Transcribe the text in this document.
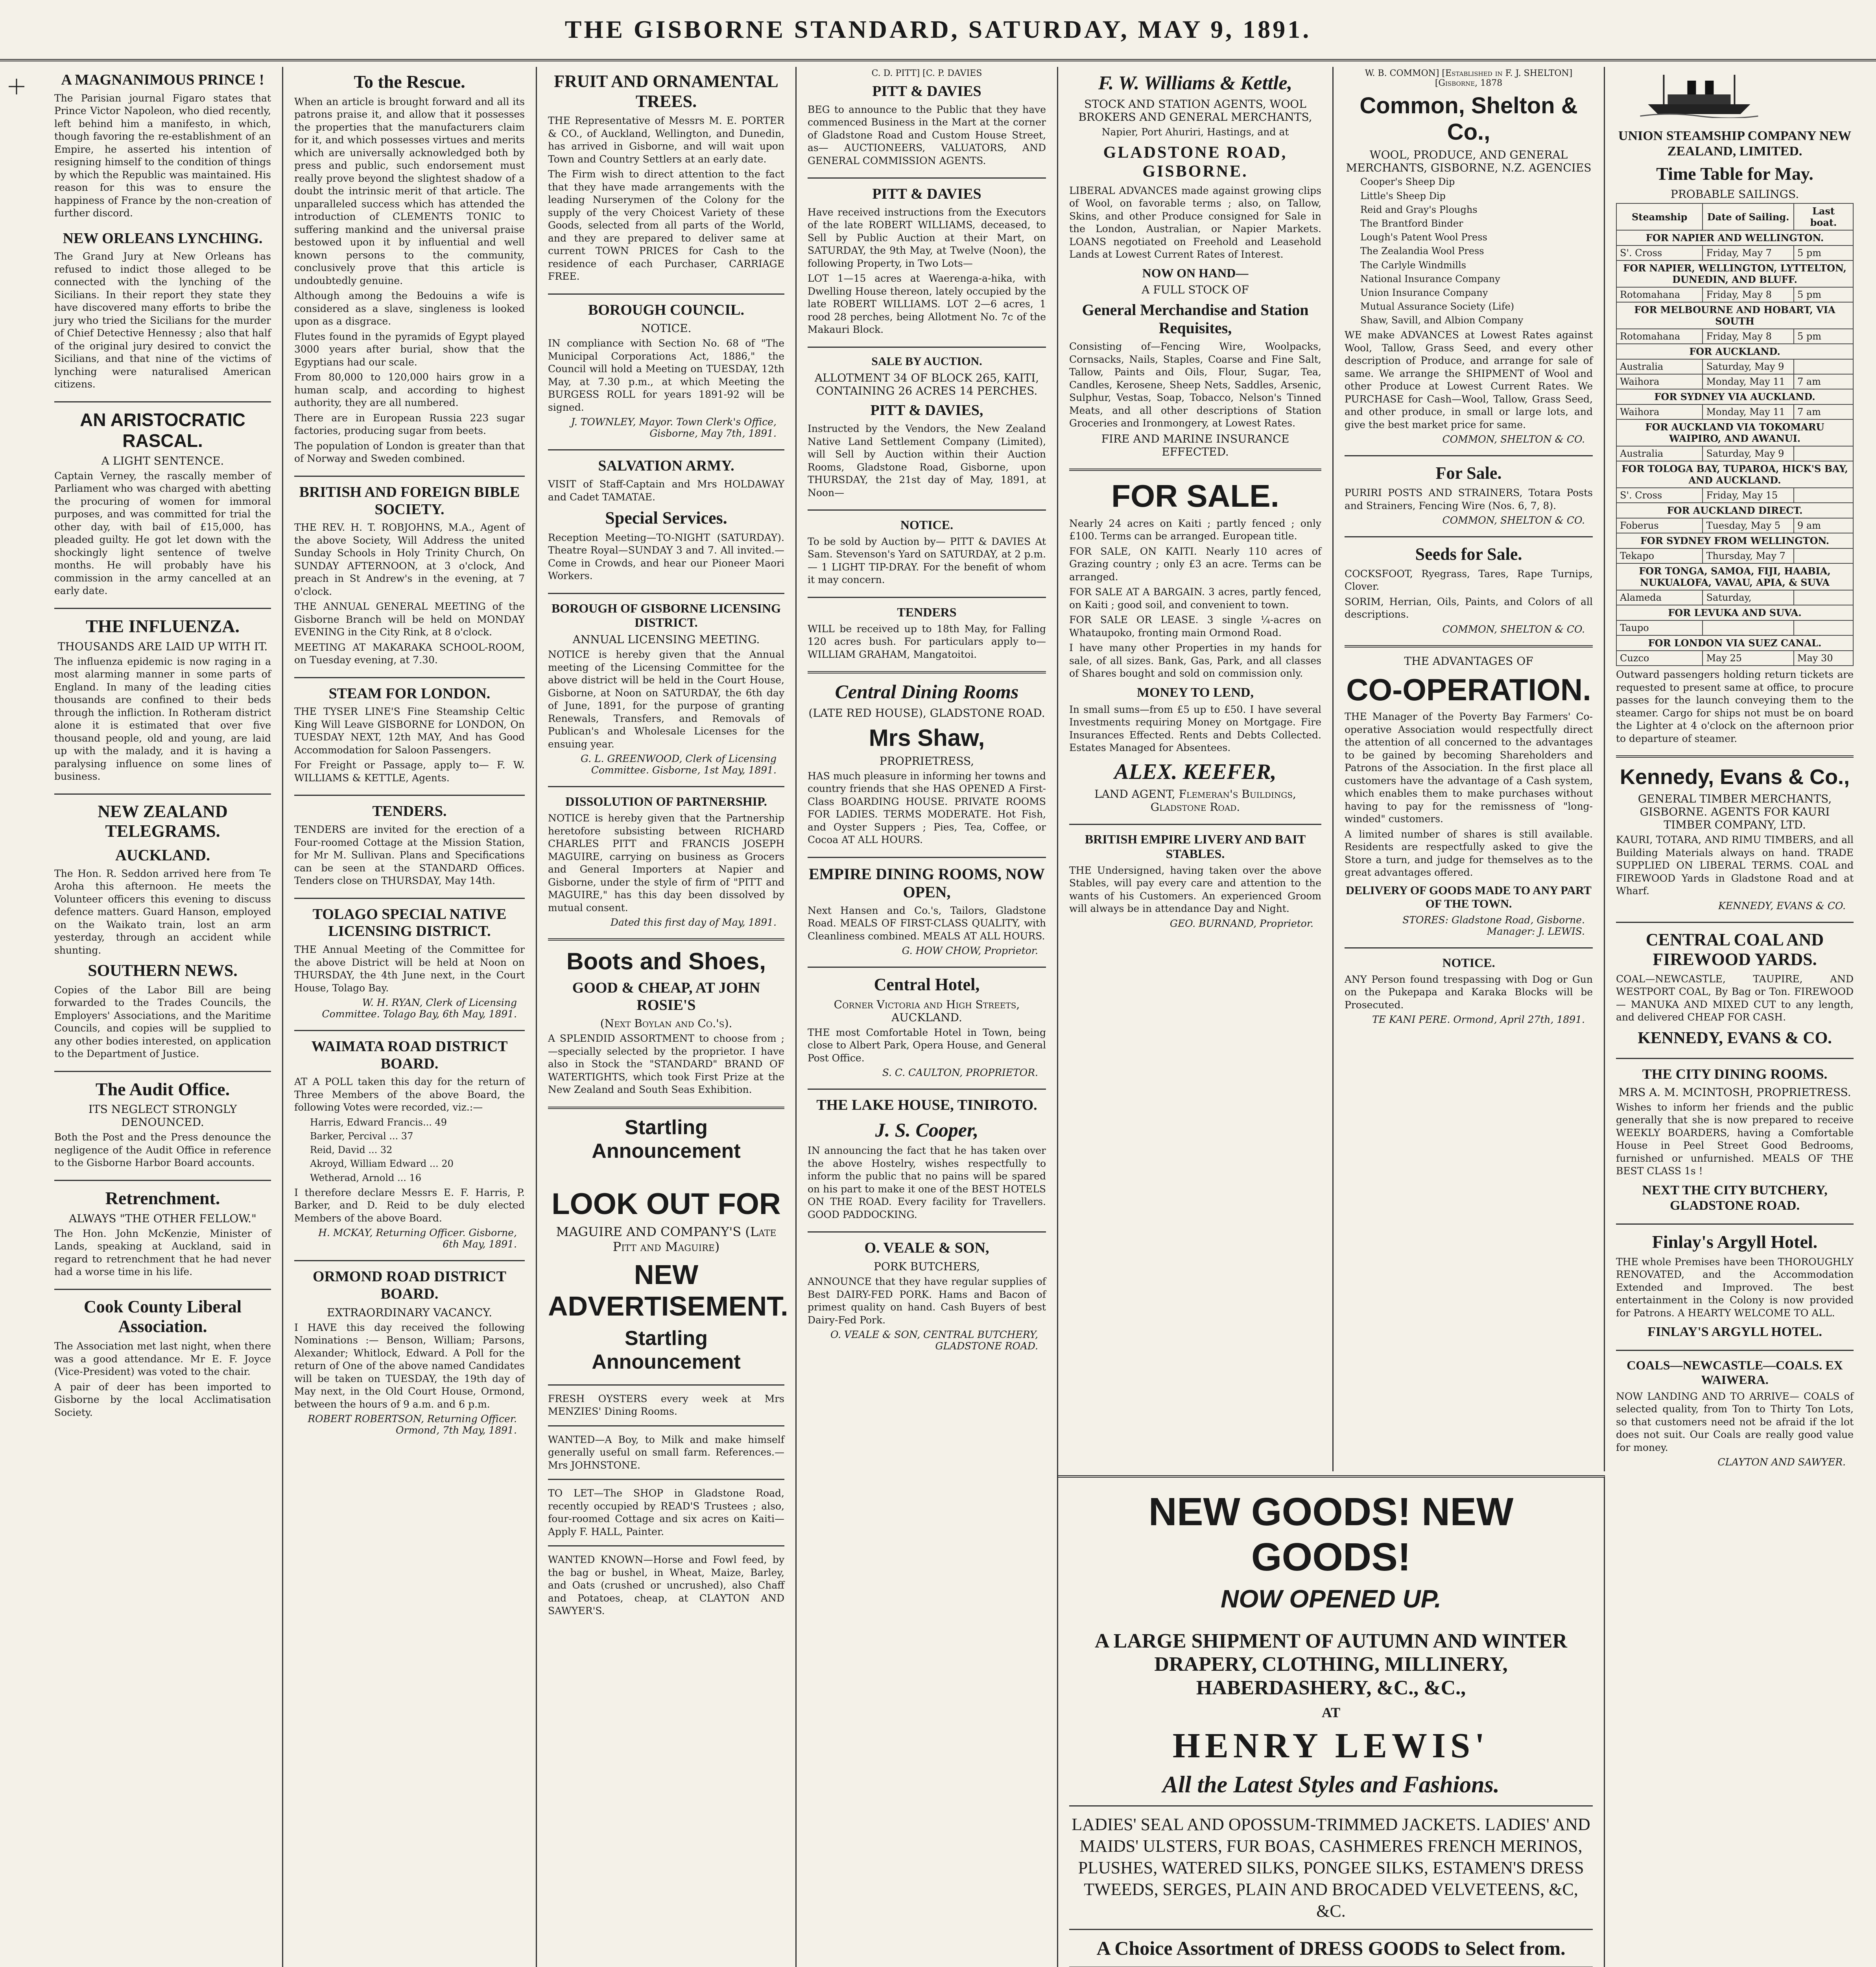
THE GISBORNE STANDARD, SATURDAY, MAY 9, 1891.
A MAGNANIMOUS PRINCE !
The Parisian journal Figaro states that Prince Victor Napoleon, who died recently, left behind him a manifesto, in which, though favoring the re-establishment of an Empire, he asserted his intention of resigning himself to the condition of things by which the Republic was maintained. His reason for this was to ensure the happiness of France by the non-creation of further discord.
NEW ORLEANS LYNCHING.
The Grand Jury at New Orleans has refused to indict those alleged to be connected with the lynching of the Sicilians. In their report they state they have discovered many efforts to bribe the jury who tried the Sicilians for the murder of Chief Detective Hennessy ; also that half of the original jury desired to convict the Sicilians, and that nine of the victims of lynching were naturalised American citizens.
AN ARISTOCRATIC RASCAL.
A LIGHT SENTENCE.
Captain Verney, the rascally member of Parliament who was charged with abetting the procuring of women for immoral purposes, and was committed for trial the other day, with bail of £15,000, has pleaded guilty. He got let down with the shockingly light sentence of twelve months. He will probably have his commission in the army cancelled at an early date.
THE INFLUENZA.
THOUSANDS ARE LAID UP WITH IT.
The influenza epidemic is now raging in a most alarming manner in some parts of England. In many of the leading cities thousands are confined to their beds through the infliction. In Rotheram district alone it is estimated that over five thousand people, old and young, are laid up with the malady, and it is having a paralysing influence on some lines of business.
NEW ZEALAND TELEGRAMS.
AUCKLAND.
The Hon. R. Seddon arrived here from Te Aroha this afternoon. He meets the Volunteer officers this evening to discuss defence matters. Guard Hanson, employed on the Waikato train, lost an arm yesterday, through an accident while shunting.
SOUTHERN NEWS.
Copies of the Labor Bill are being forwarded to the Trades Councils, the Employers' Associations, and the Maritime Councils, and copies will be supplied to any other bodies interested, on application to the Department of Justice.
The Audit Office.
ITS NEGLECT STRONGLY DENOUNCED.
Both the Post and the Press denounce the negligence of the Audit Office in reference to the Gisborne Harbor Board accounts.
Retrenchment.
ALWAYS "THE OTHER FELLOW."
The Hon. John McKenzie, Minister of Lands, speaking at Auckland, said in regard to retrenchment that he had never had a worse time in his life.
Cook County Liberal Association.
The Association met last night, when there was a good attendance. Mr E. F. Joyce (Vice-President) was voted to the chair.
A pair of deer has been imported to Gisborne by the local Acclimatisation Society.
To the Rescue.
When an article is brought forward and all its patrons praise it, and allow that it possesses the properties that the manufacturers claim for it, and which possesses virtues and merits which are universally acknowledged both by press and public, such endorsement must really prove beyond the slightest shadow of a doubt the intrinsic merit of that article. The unparalleled success which has attended the introduction of CLEMENTS TONIC to suffering mankind and the universal praise bestowed upon it by influential and well known persons to the community, conclusively prove that this article is undoubtedly genuine.
Although among the Bedouins a wife is considered as a slave, singleness is looked upon as a disgrace.
Flutes found in the pyramids of Egypt played 3000 years after burial, show that the Egyptians had our scale.
From 80,000 to 120,000 hairs grow in a human scalp, and according to highest authority, they are all numbered.
There are in European Russia 223 sugar factories, producing sugar from beets.
The population of London is greater than that of Norway and Sweden combined.
BRITISH AND FOREIGN BIBLE SOCIETY.
THE REV. H. T. ROBJOHNS, M.A., Agent of the above Society, Will Address the united Sunday Schools in Holy Trinity Church, On SUNDAY AFTERNOON, at 3 o'clock, And preach in St Andrew's in the evening, at 7 o'clock.
THE ANNUAL GENERAL MEETING of the Gisborne Branch will be held on MONDAY EVENING in the City Rink, at 8 o'clock.
MEETING AT MAKARAKA SCHOOL-ROOM, on Tuesday evening, at 7.30.
STEAM FOR LONDON.
THE TYSER LINE'S Fine Steamship Celtic King Will Leave GISBORNE for LONDON, On TUESDAY NEXT, 12th MAY, And has Good Accommodation for Saloon Passengers.
For Freight or Passage, apply to— F. W. WILLIAMS & KETTLE, Agents.
TENDERS.
TENDERS are invited for the erection of a Four-roomed Cottage at the Mission Station, for Mr M. Sullivan. Plans and Specifications can be seen at the STANDARD Offices. Tenders close on THURSDAY, May 14th.
TOLAGO SPECIAL NATIVE LICENSING DISTRICT.
THE Annual Meeting of the Committee for the above District will be held at Noon on THURSDAY, the 4th June next, in the Court House, Tolago Bay.
W. H. RYAN, Clerk of Licensing Committee. Tolago Bay, 6th May, 1891.
WAIMATA ROAD DISTRICT BOARD.
AT A POLL taken this day for the return of Three Members of the above Board, the following Votes were recorded, viz.:—
Harris, Edward Francis... 49
Barker, Percival ... 37
Reid, David ... 32
Akroyd, William Edward ... 20
Wetherad, Arnold ... 16
I therefore declare Messrs E. F. Harris, P. Barker, and D. Reid to be duly elected Members of the above Board.
H. MCKAY, Returning Officer. Gisborne, 6th May, 1891.
ORMOND ROAD DISTRICT BOARD.
EXTRAORDINARY VACANCY.
I HAVE this day received the following Nominations :— Benson, William; Parsons, Alexander; Whitlock, Edward. A Poll for the return of One of the above named Candidates will be taken on TUESDAY, the 19th day of May next, in the Old Court House, Ormond, between the hours of 9 a.m. and 6 p.m.
ROBERT ROBERTSON, Returning Officer. Ormond, 7th May, 1891.
FRUIT AND ORNAMENTAL TREES.
THE Representative of Messrs M. E. PORTER & CO., of Auckland, Wellington, and Dunedin, has arrived in Gisborne, and will wait upon Town and Country Settlers at an early date.
The Firm wish to direct attention to the fact that they have made arrangements with the leading Nurserymen of the Colony for the supply of the very Choicest Variety of these Goods, selected from all parts of the World, and they are prepared to deliver same at current TOWN PRICES for Cash to the residence of each Purchaser, CARRIAGE FREE.
BOROUGH COUNCIL.
NOTICE.
IN compliance with Section No. 68 of "The Municipal Corporations Act, 1886," the Council will hold a Meeting on TUESDAY, 12th May, at 7.30 p.m., at which Meeting the BURGESS ROLL for years 1891-92 will be signed.
J. TOWNLEY, Mayor. Town Clerk's Office, Gisborne, May 7th, 1891.
SALVATION ARMY.
VISIT of Staff-Captain and Mrs HOLDAWAY and Cadet TAMATAE.
Special Services.
Reception Meeting—TO-NIGHT (SATURDAY). Theatre Royal—SUNDAY 3 and 7. All invited.—Come in Crowds, and hear our Pioneer Maori Workers.
BOROUGH OF GISBORNE LICENSING DISTRICT.
ANNUAL LICENSING MEETING.
NOTICE is hereby given that the Annual meeting of the Licensing Committee for the above district will be held in the Court House, Gisborne, at Noon on SATURDAY, the 6th day of June, 1891, for the purpose of granting Renewals, Transfers, and Removals of Publican's and Wholesale Licenses for the ensuing year.
G. L. GREENWOOD, Clerk of Licensing Committee. Gisborne, 1st May, 1891.
DISSOLUTION OF PARTNERSHIP.
NOTICE is hereby given that the Partnership heretofore subsisting between RICHARD CHARLES PITT and FRANCIS JOSEPH MAGUIRE, carrying on business as Grocers and General Importers at Napier and Gisborne, under the style of firm of "PITT and MAGUIRE," has this day been dissolved by mutual consent.
Dated this first day of May, 1891.
Boots and Shoes,
GOOD & CHEAP, AT JOHN ROSIE'S
(Next Boylan and Co.'s).
A SPLENDID ASSORTMENT to choose from ;—specially selected by the proprietor. I have also in Stock the "STANDARD" BRAND OF WATERTIGHTS, which took First Prize at the New Zealand and South Seas Exhibition.
Startling Announcement
LOOK OUT FOR
MAGUIRE AND COMPANY'S (Late Pitt and Maguire)
NEW ADVERTISEMENT.
Startling Announcement
FRESH OYSTERS every week at Mrs MENZIES' Dining Rooms.
WANTED—A Boy, to Milk and make himself generally useful on small farm. References.—Mrs JOHNSTONE.
TO LET—The SHOP in Gladstone Road, recently occupied by READ'S Trustees ; also, four-roomed Cottage and six acres on Kaiti—Apply F. HALL, Painter.
WANTED KNOWN—Horse and Fowl feed, by the bag or bushel, in Wheat, Maize, Barley, and Oats (crushed or uncrushed), also Chaff and Potatoes, cheap, at CLAYTON AND SAWYER'S.
C. D. PITT] [C. P. DAVIES
PITT & DAVIES
BEG to announce to the Public that they have commenced Business in the Mart at the corner of Gladstone Road and Custom House Street, as— AUCTIONEERS, VALUATORS, AND GENERAL COMMISSION AGENTS.
PITT & DAVIES
Have received instructions from the Executors of the late ROBERT WILLIAMS, deceased, to Sell by Public Auction at their Mart, on SATURDAY, the 9th May, at Twelve (Noon), the following Property, in Two Lots—
LOT 1—15 acres at Waerenga-a-hika, with Dwelling House thereon, lately occupied by the late ROBERT WILLIAMS. LOT 2—6 acres, 1 rood 28 perches, being Allotment No. 7c of the Makauri Block.
SALE BY AUCTION.
ALLOTMENT 34 OF BLOCK 265, KAITI, CONTAINING 26 ACRES 14 PERCHES.
PITT & DAVIES,
Instructed by the Vendors, the New Zealand Native Land Settlement Company (Limited), will Sell by Auction within their Auction Rooms, Gladstone Road, Gisborne, upon THURSDAY, the 21st day of May, 1891, at Noon—
NOTICE.
To be sold by Auction by— PITT & DAVIES At Sam. Stevenson's Yard on SATURDAY, at 2 p.m.— 1 LIGHT TIP-DRAY. For the benefit of whom it may concern.
TENDERS
WILL be received up to 18th May, for Falling 120 acres bush. For particulars apply to— WILLIAM GRAHAM, Mangatoitoi.
Central Dining Rooms
(LATE RED HOUSE), GLADSTONE ROAD.
Mrs Shaw,
PROPRIETRESS,
HAS much pleasure in informing her towns and country friends that she HAS OPENED A First-Class BOARDING HOUSE. PRIVATE ROOMS FOR LADIES. TERMS MODERATE. Hot Fish, and Oyster Suppers ; Pies, Tea, Coffee, or Cocoa AT ALL HOURS.
EMPIRE DINING ROOMS, NOW OPEN,
Next Hansen and Co.'s, Tailors, Gladstone Road. MEALS OF FIRST-CLASS QUALITY, with Cleanliness combined. MEALS AT ALL HOURS.
G. HOW CHOW, Proprietor.
Central Hotel,
Corner Victoria and High Streets, AUCKLAND.
THE most Comfortable Hotel in Town, being close to Albert Park, Opera House, and General Post Office.
S. C. CAULTON, PROPRIETOR.
THE LAKE HOUSE, TINIROTO.
J. S. Cooper,
IN announcing the fact that he has taken over the above Hostelry, wishes respectfully to inform the public that no pains will be spared on his part to make it one of the BEST HOTELS ON THE ROAD. Every facility for Travellers. GOOD PADDOCKING.
O. VEALE & SON,
PORK BUTCHERS,
ANNOUNCE that they have regular supplies of Best DAIRY-FED PORK. Hams and Bacon of primest quality on hand. Cash Buyers of best Dairy-Fed Pork.
O. VEALE & SON, CENTRAL BUTCHERY, GLADSTONE ROAD.
F. W. Williams & Kettle,
STOCK AND STATION AGENTS, WOOL BROKERS AND GENERAL MERCHANTS,
Napier, Port Ahuriri, Hastings, and at
GLADSTONE ROAD, GISBORNE.
LIBERAL ADVANCES made against growing clips of Wool, on favorable terms ; also, on Tallow, Skins, and other Produce consigned for Sale in the London, Australian, or Napier Markets. LOANS negotiated on Freehold and Leasehold Lands at Lowest Current Rates of Interest.
NOW ON HAND—
A FULL STOCK OF
General Merchandise and Station Requisites,
Consisting of—Fencing Wire, Woolpacks, Cornsacks, Nails, Staples, Coarse and Fine Salt, Tallow, Paints and Oils, Flour, Sugar, Tea, Candles, Kerosene, Sheep Nets, Saddles, Arsenic, Sulphur, Vestas, Soap, Tobacco, Nelson's Tinned Meats, and all other descriptions of Station Groceries and Ironmongery, at Lowest Rates.
FIRE AND MARINE INSURANCE EFFECTED.
FOR SALE.
Nearly 24 acres on Kaiti ; partly fenced ; only £100. Terms can be arranged. European title.
FOR SALE, ON KAITI. Nearly 110 acres of Grazing country ; only £3 an acre. Terms can be arranged.
FOR SALE AT A BARGAIN. 3 acres, partly fenced, on Kaiti ; good soil, and convenient to town.
FOR SALE OR LEASE. 3 single ¼-acres on Whataupoko, fronting main Ormond Road.
I have many other Properties in my hands for sale, of all sizes. Bank, Gas, Park, and all classes of Shares bought and sold on commission only.
MONEY TO LEND,
In small sums—from £5 up to £50. I have several Investments requiring Money on Mortgage. Fire Insurances Effected. Rents and Debts Collected. Estates Managed for Absentees.
ALEX. KEEFER,
LAND AGENT, Flemeran's Buildings, Gladstone Road.
BRITISH EMPIRE LIVERY AND BAIT STABLES.
THE Undersigned, having taken over the above Stables, will pay every care and attention to the wants of his Customers. An experienced Groom will always be in attendance Day and Night.
GEO. BURNAND, Proprietor.
W. B. COMMON] [Established in F. J. SHELTON] [Gisborne, 1878
Common, Shelton & Co.,
WOOL, PRODUCE, AND GENERAL MERCHANTS, GISBORNE, N.Z. AGENCIES
Cooper's Sheep Dip
Little's Sheep Dip
Reid and Gray's Ploughs
The Brantford Binder
Lough's Patent Wool Press
The Zealandia Wool Press
The Carlyle Windmills
National Insurance Company
Union Insurance Company
Mutual Assurance Society (Life)
Shaw, Savill, and Albion Company
WE make ADVANCES at Lowest Rates against Wool, Tallow, Grass Seed, and every other description of Produce, and arrange for sale of same. We arrange the SHIPMENT of Wool and other Produce at Lowest Current Rates. We PURCHASE for Cash—Wool, Tallow, Grass Seed, and other produce, in small or large lots, and give the best market price for same.
COMMON, SHELTON & CO.
For Sale.
PURIRI POSTS AND STRAINERS, Totara Posts and Strainers, Fencing Wire (Nos. 6, 7, 8).
COMMON, SHELTON & CO.
Seeds for Sale.
COCKSFOOT, Ryegrass, Tares, Rape Turnips, Clover.
SORIM, Herrian, Oils, Paints, and Colors of all descriptions.
COMMON, SHELTON & CO.
THE ADVANTAGES OF
CO-OPERATION.
THE Manager of the Poverty Bay Farmers' Co-operative Association would respectfully direct the attention of all concerned to the advantages to be gained by becoming Shareholders and Patrons of the Association. In the first place all customers have the advantage of a Cash system, which enables them to make purchases without having to pay for the remissness of "long-winded" customers.
A limited number of shares is still available. Residents are respectfully asked to give the Store a turn, and judge for themselves as to the great advantages offered.
DELIVERY OF GOODS MADE TO ANY PART OF THE TOWN.
STORES: Gladstone Road, Gisborne. Manager: J. LEWIS.
NOTICE.
ANY Person found trespassing with Dog or Gun on the Pukepapa and Karaka Blocks will be Prosecuted.
TE KANI PERE. Ormond, April 27th, 1891.
NEW GOODS! NEW GOODS!
NOW OPENED UP.
A LARGE SHIPMENT OF AUTUMN AND WINTER DRAPERY, CLOTHING, MILLINERY, HABERDASHERY, &C., &C.,
AT
HENRY LEWIS'
All the Latest Styles and Fashions.
LADIES' SEAL AND OPOSSUM-TRIMMED JACKETS. LADIES' AND MAIDS' ULSTERS, FUR BOAS, CASHMERES FRENCH MERINOS, PLUSHES, WATERED SILKS, PONGEE SILKS, ESTAMEN'S DRESS TWEEDS, SERGES, PLAIN AND BROCADED VELVETEENS, &C, &C.
A Choice Assortment of DRESS GOODS to Select from.
UNION STEAMSHIP COMPANY NEW ZEALAND, LIMITED.
Time Table for May.
PROBABLE SAILINGS.
Steamship	Date of Sailing.	Last boat.
FOR NAPIER AND WELLINGTON.		
S'. Cross	Friday, May 7	5 pm
FOR NAPIER, WELLINGTON, LYTTELTON, DUNEDIN, AND BLUFF.		
Rotomahana	Friday, May 8	5 pm
FOR MELBOURNE AND HOBART, VIA SOUTH		
Rotomahana	Friday, May 8	5 pm
FOR AUCKLAND.		
Australia	Saturday, May 9	
Waihora	Monday, May 11	7 am
FOR SYDNEY VIA AUCKLAND.		
Waihora	Monday, May 11	7 am
FOR AUCKLAND VIA TOKOMARU WAIPIRO, AND AWANUI.		
Australia	Saturday, May 9	
FOR TOLOGA BAY, TUPAROA, HICK'S BAY, AND AUCKLAND.		
S'. Cross	Friday, May 15	
FOR AUCKLAND DIRECT.		
Foberus	Tuesday, May 5	9 am
FOR SYDNEY FROM WELLINGTON.		
Tekapo	Thursday, May 7	
FOR TONGA, SAMOA, FIJI, HAABIA, NUKUALOFA, VAVAU, APIA, & SUVA		
Alameda	Saturday,	
FOR LEVUKA AND SUVA.		
Taupo		
FOR LONDON VIA SUEZ CANAL.		
Cuzco	May 25	May 30
Outward passengers holding return tickets are requested to present same at office, to procure passes for the launch conveying them to the steamer. Cargo for ships not must be on board the Lighter at 4 o'clock on the afternoon prior to departure of steamer.
Kennedy, Evans & Co.,
GENERAL TIMBER MERCHANTS, GISBORNE. AGENTS FOR KAURI TIMBER COMPANY, LTD.
KAURI, TOTARA, AND RIMU TIMBERS, and all Building Materials always on hand. TRADE SUPPLIED ON LIBERAL TERMS. COAL and FIREWOOD Yards in Gladstone Road and at Wharf.
KENNEDY, EVANS & CO.
CENTRAL COAL AND FIREWOOD YARDS.
COAL—NEWCASTLE, TAUPIRE, AND WESTPORT COAL, By Bag or Ton. FIREWOOD — MANUKA AND MIXED CUT to any length, and delivered CHEAP FOR CASH.
KENNEDY, EVANS & CO.
THE CITY DINING ROOMS.
MRS A. M. MCINTOSH, PROPRIETRESS.
Wishes to inform her friends and the public generally that she is now prepared to receive WEEKLY BOARDERS, having a Comfortable House in Peel Street Good Bedrooms, furnished or unfurnished. MEALS OF THE BEST CLASS 1s !
NEXT THE CITY BUTCHERY, GLADSTONE ROAD.
Finlay's Argyll Hotel.
THE whole Premises have been THOROUGHLY RENOVATED, and the Accommodation Extended and Improved. The best entertainment in the Colony is now provided for Patrons. A HEARTY WELCOME TO ALL.
FINLAY'S ARGYLL HOTEL.
COALS—NEWCASTLE—COALS. EX WAIWERA.
NOW LANDING AND TO ARRIVE— COALS of selected quality, from Ton to Thirty Ton Lots, so that customers need not be afraid if the lot does not suit. Our Coals are really good value for money.
CLAYTON AND SAWYER.
